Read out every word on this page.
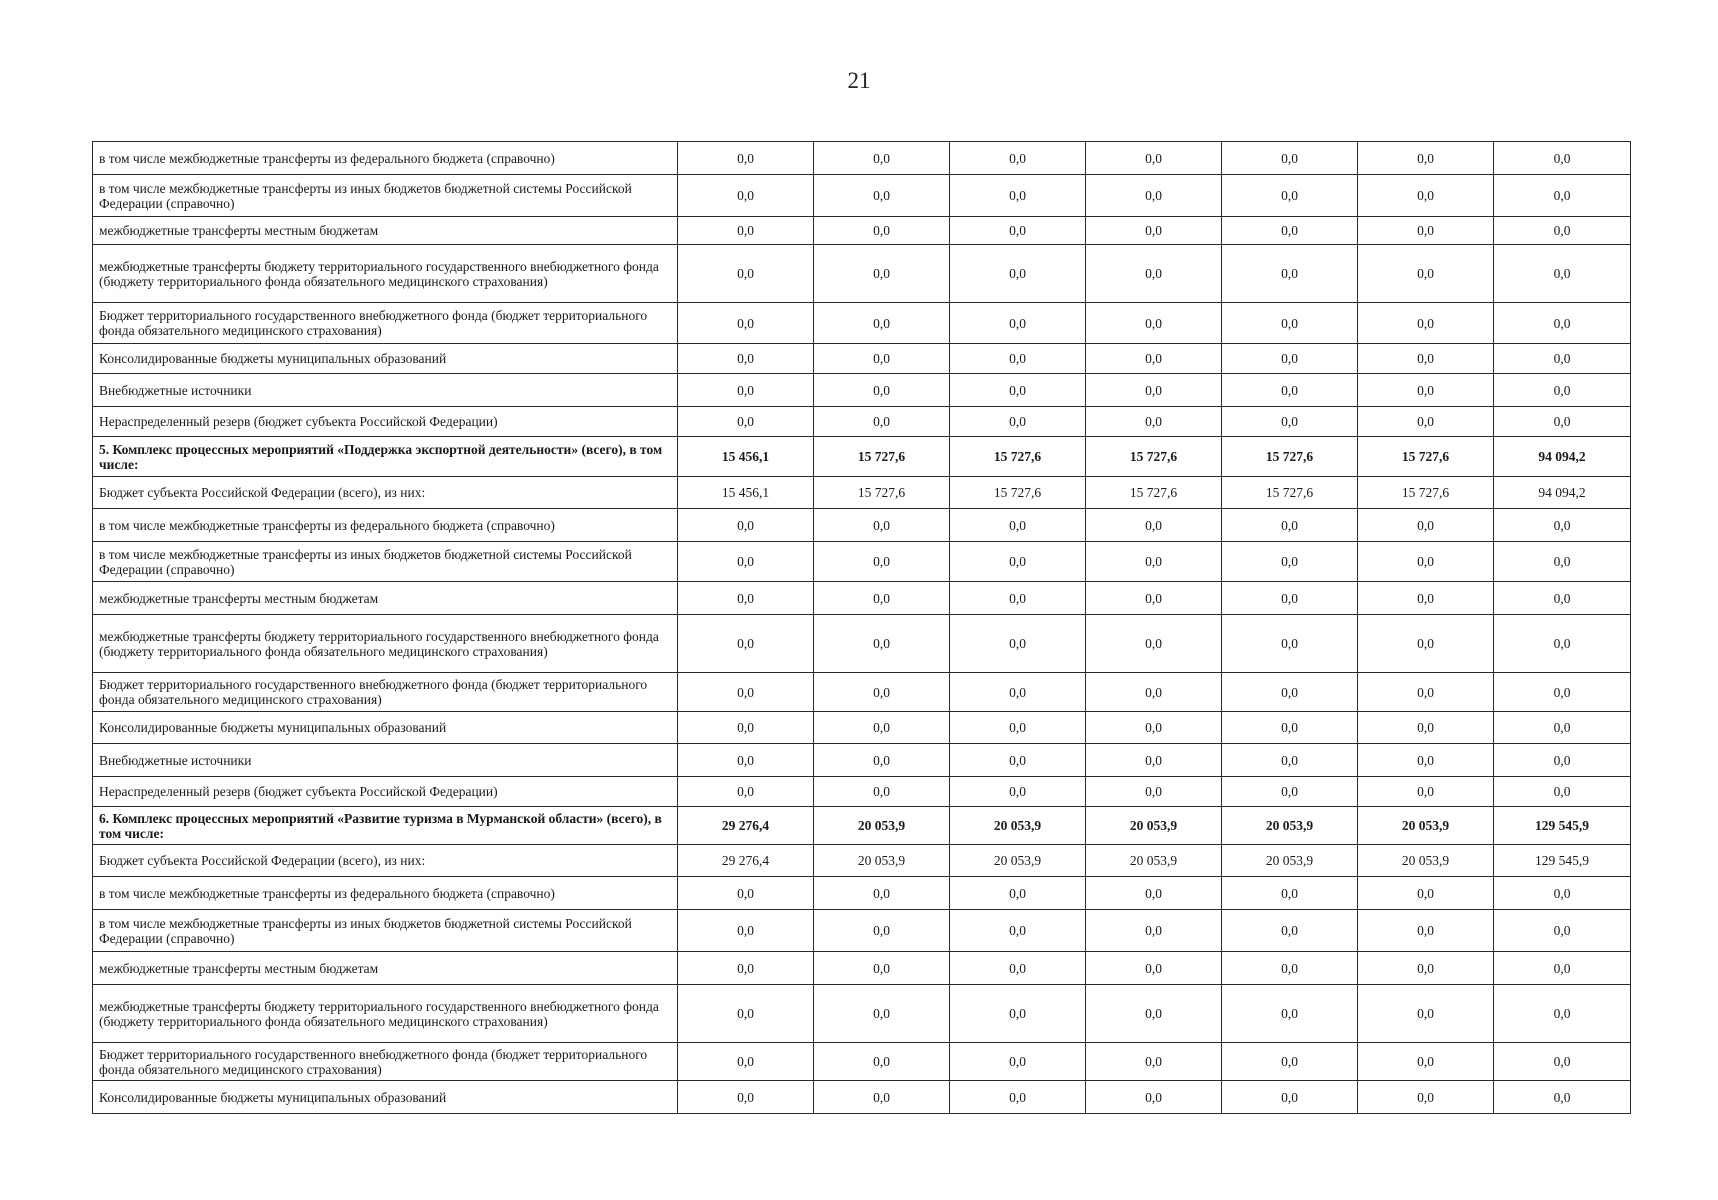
21
в том числе межбюджетные трансферты из федерального бюджета (справочно)	0,0	0,0	0,0	0,0	0,0	0,0	0,0
в том числе межбюджетные трансферты из иных бюджетов бюджетной системы Российской Федерации (справочно)	0,0	0,0	0,0	0,0	0,0	0,0	0,0
межбюджетные трансферты местным бюджетам	0,0	0,0	0,0	0,0	0,0	0,0	0,0
межбюджетные трансферты бюджету территориального государственного внебюджетного фонда (бюджету территориального фонда обязательного медицинского страхования)	0,0	0,0	0,0	0,0	0,0	0,0	0,0
Бюджет территориального государственного внебюджетного фонда (бюджет территориального фонда обязательного медицинского страхования)	0,0	0,0	0,0	0,0	0,0	0,0	0,0
Консолидированные бюджеты муниципальных образований	0,0	0,0	0,0	0,0	0,0	0,0	0,0
Внебюджетные источники	0,0	0,0	0,0	0,0	0,0	0,0	0,0
Нераспределенный резерв (бюджет субъекта Российской Федерации)	0,0	0,0	0,0	0,0	0,0	0,0	0,0
5. Комплекс процессных мероприятий «Поддержка экспортной деятельности» (всего), в том числе:	15 456,1	15 727,6	15 727,6	15 727,6	15 727,6	15 727,6	94 094,2
Бюджет субъекта Российской Федерации (всего), из них:	15 456,1	15 727,6	15 727,6	15 727,6	15 727,6	15 727,6	94 094,2
в том числе межбюджетные трансферты из федерального бюджета (справочно)	0,0	0,0	0,0	0,0	0,0	0,0	0,0
в том числе межбюджетные трансферты из иных бюджетов бюджетной системы Российской Федерации (справочно)	0,0	0,0	0,0	0,0	0,0	0,0	0,0
межбюджетные трансферты местным бюджетам	0,0	0,0	0,0	0,0	0,0	0,0	0,0
межбюджетные трансферты бюджету территориального государственного внебюджетного фонда (бюджету территориального фонда обязательного медицинского страхования)	0,0	0,0	0,0	0,0	0,0	0,0	0,0
Бюджет территориального государственного внебюджетного фонда (бюджет территориального фонда обязательного медицинского страхования)	0,0	0,0	0,0	0,0	0,0	0,0	0,0
Консолидированные бюджеты муниципальных образований	0,0	0,0	0,0	0,0	0,0	0,0	0,0
Внебюджетные источники	0,0	0,0	0,0	0,0	0,0	0,0	0,0
Нераспределенный резерв (бюджет субъекта Российской Федерации)	0,0	0,0	0,0	0,0	0,0	0,0	0,0
6. Комплекс процессных мероприятий «Развитие туризма в Мурманской области» (всего), в том числе:	29 276,4	20 053,9	20 053,9	20 053,9	20 053,9	20 053,9	129 545,9
Бюджет субъекта Российской Федерации (всего), из них:	29 276,4	20 053,9	20 053,9	20 053,9	20 053,9	20 053,9	129 545,9
в том числе межбюджетные трансферты из федерального бюджета (справочно)	0,0	0,0	0,0	0,0	0,0	0,0	0,0
в том числе межбюджетные трансферты из иных бюджетов бюджетной системы Российской Федерации (справочно)	0,0	0,0	0,0	0,0	0,0	0,0	0,0
межбюджетные трансферты местным бюджетам	0,0	0,0	0,0	0,0	0,0	0,0	0,0
межбюджетные трансферты бюджету территориального государственного внебюджетного фонда (бюджету территориального фонда обязательного медицинского страхования)	0,0	0,0	0,0	0,0	0,0	0,0	0,0
Бюджет территориального государственного внебюджетного фонда (бюджет территориального фонда обязательного медицинского страхования)	0,0	0,0	0,0	0,0	0,0	0,0	0,0
Консолидированные бюджеты муниципальных образований	0,0	0,0	0,0	0,0	0,0	0,0	0,0
